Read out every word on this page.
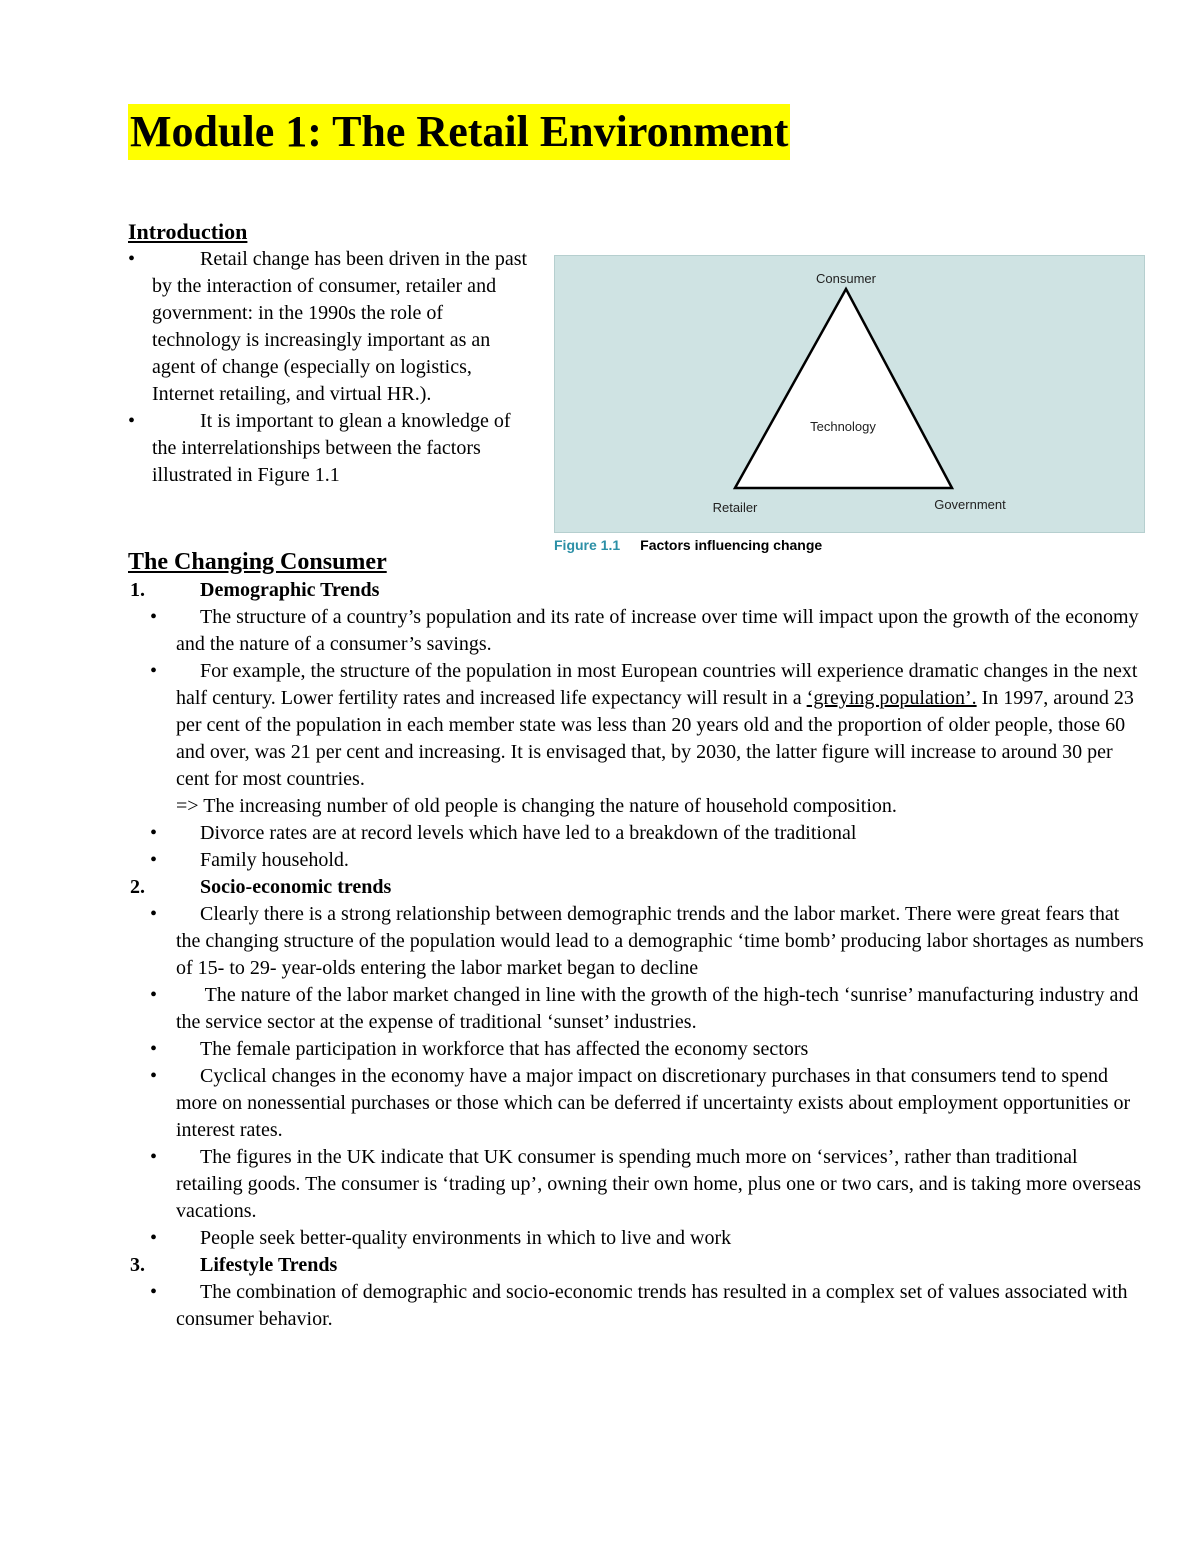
Module 1: The Retail Environment
Introduction
•	Retail change has been driven in the past by the interaction of consumer, retailer and government: in the 1990s the role of technology is increasingly important as an agent of change (especially on logistics, Internet retailing, and virtual HR.).
•	It is important to glean a knowledge of the interrelationships between the factors illustrated in Figure 1.1
Consumer
Technology
Retailer	Government
Figure 1.1 Factors influencing change
The Changing Consumer
1.	Demographic Trends
• The structure of a country’s population and its rate of increase over time will impact upon the growth of the economy and the nature of a consumer’s savings.
• For example, the structure of the population in most European countries will experience dramatic changes in the next half century. Lower fertility rates and increased life expectancy will result in a ‘greying population’. In 1997, around 23 per cent of the population in each member state was less than 20 years old and the proportion of older people, those 60 and over, was 21 per cent and increasing. It is envisaged that, by 2030, the latter figure will increase to around 30 per cent for most countries.
=> The increasing number of old people is changing the nature of household composition.
• Divorce rates are at record levels which have led to a breakdown of the traditional
• Family household.
2.	Socio-economic trends
• Clearly there is a strong relationship between demographic trends and the labor market. There were great fears that the changing structure of the population would lead to a demographic ‘time bomb’ producing labor shortages as numbers of 15- to 29- year-olds entering the labor market began to decline
• The nature of the labor market changed in line with the growth of the high-tech ‘sunrise’ manufacturing industry and the service sector at the expense of traditional ‘sunset’ industries.
• The female participation in workforce that has affected the economy sectors
• Cyclical changes in the economy have a major impact on discretionary purchases in that consumers tend to spend more on nonessential purchases or those which can be deferred if uncertainty exists about employment opportunities or interest rates.
• The figures in the UK indicate that UK consumer is spending much more on ‘services’, rather than traditional retailing goods. The consumer is ‘trading up’, owning their own home, plus one or two cars, and is taking more overseas vacations.
• People seek better-quality environments in which to live and work
3.	Lifestyle Trends
• The combination of demographic and socio-economic trends has resulted in a complex set of values associated with consumer behavior.
